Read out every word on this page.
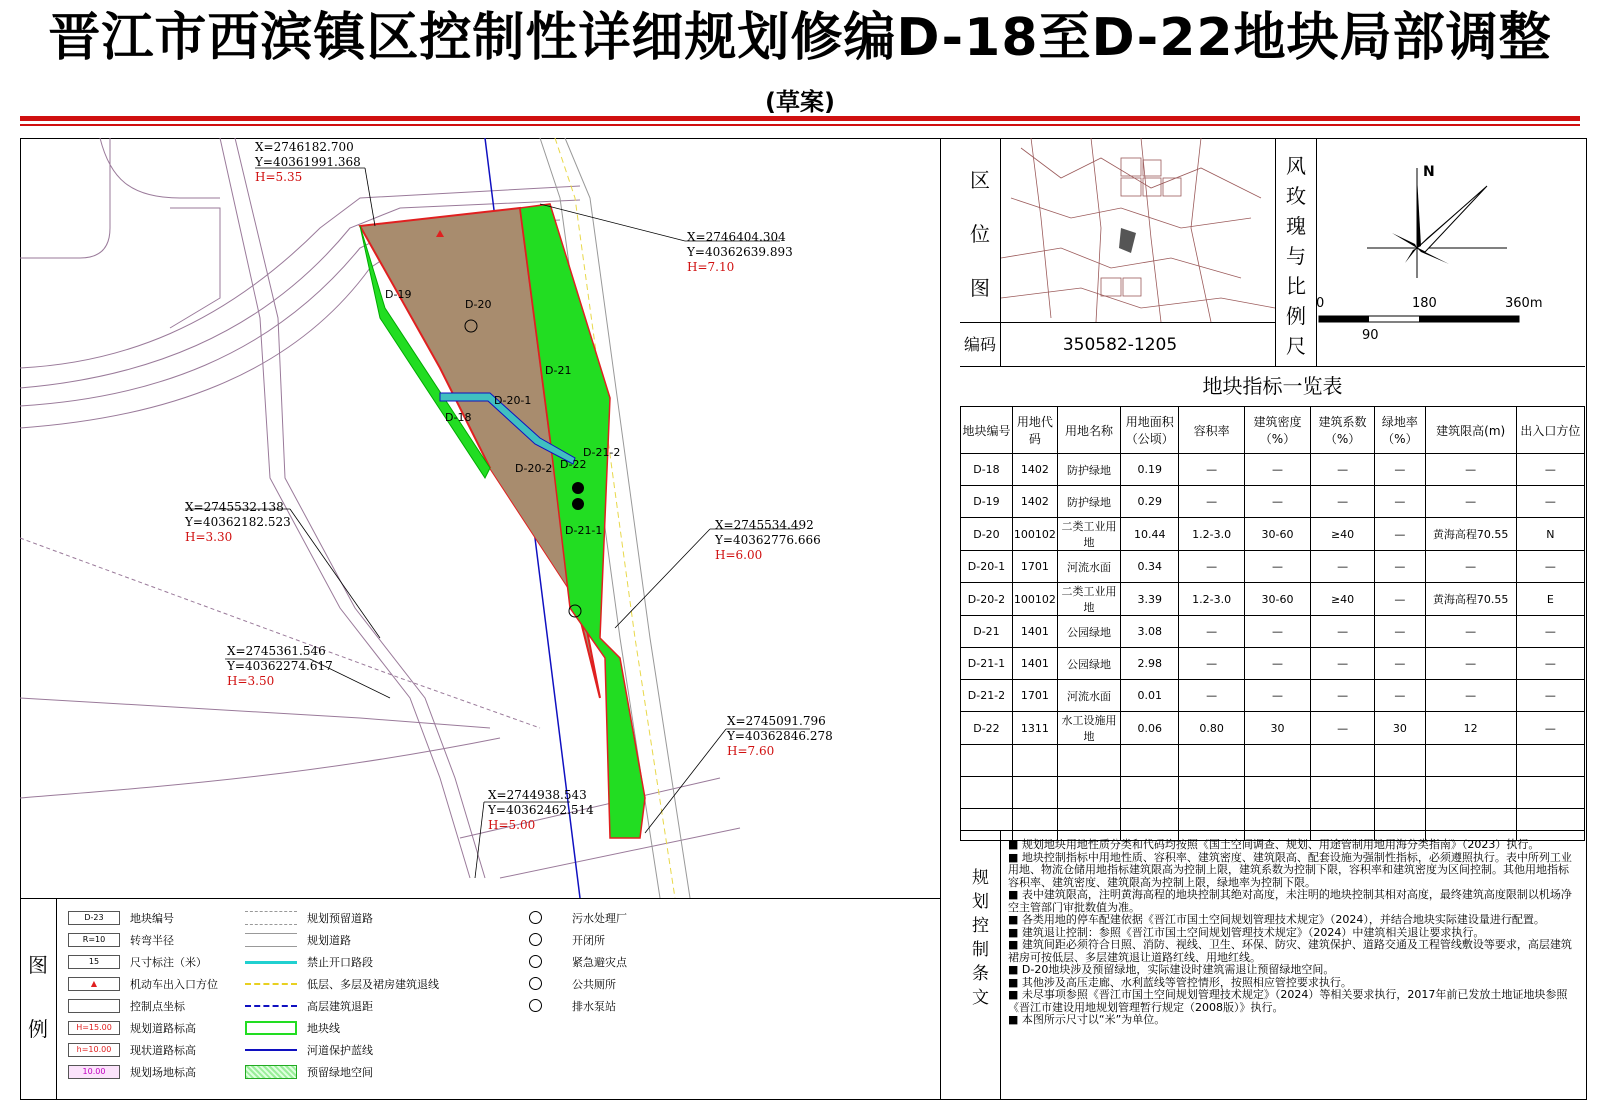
晋江市西滨镇区控制性详细规划修编D-18至D-22地块局部调整
(草案)
D-20
D-19
D-20-1
D-18
D-20-2 D-22
D-21
D-21-1
D-21-2
X=2746182.700
Y=40361991.368
H=5.35
X=2746404.304
Y=40362639.893
H=7.10
X=2745532.138
Y=40362182.523
H=3.30
X=2745534.492
Y=40362776.666
H=6.00
X=2745361.546
Y=40362274.617
H=3.50
X=2745091.796
Y=40362846.278
H=7.60
X=2744938.543
Y=40362462.514
H=5.00
图
例
D-23	地块编号
R=10	转弯半径
15	尺寸标注（米）
▲	机动车出入口方位
控制点坐标
H=15.00	规划道路标高
h=10.00	现状道路标高
10.00	规划场地标高
规划预留道路
规划道路
禁止开口路段
低层、多层及裙房建筑退线
高层建筑退距
地块线
河道保护蓝线
预留绿地空间
污水处理厂
开闭所
紧急避灾点
公共厕所
排水泵站
区
位
图
编码	350582-1205
风
玫
瑰
与
比
例
尺
N
0	180	360m
90
地块指标一览表
地块编号	用地代码	用地名称	用地面积（公顷）	容积率	建筑密度（%）	建筑系数（%）	绿地率（%）	建筑限高(m)	出入口方位
D-18	1402	防护绿地	0.19	—	—	—	—	—	—
D-19	1402	防护绿地	0.29	—	—	—	—	—	—
D-20	100102	二类工业用地	10.44	1.2-3.0	30-60	≥40	—	黄海高程70.55	N
D-20-1	1701	河流水面	0.34	—	—	—	—	—	—
D-20-2	100102	二类工业用地	3.39	1.2-3.0	30-60	≥40	—	黄海高程70.55	E
D-21	1401	公园绿地	3.08	—	—	—	—	—	—
D-21-1	1401	公园绿地	2.98	—	—	—	—	—	—
D-21-2	1701	河流水面	0.01	—	—	—	—	—	—
D-22	1311	水工设施用地	0.06	0.80	30	—	30	12	—

规
划
控
制
条
文

■ 规划地块用地性质分类和代码均按照《国土空间调查、规划、用途管制用地用海分类指南》（2023）执行。

■ 地块控制指标中用地性质、容积率、建筑密度、建筑限高、配套设施为强制性指标，必须遵照执行。表中所列工业用地、物流仓储用地指标建筑限高为控制上限，建筑系数为控制下限，容积率和建筑密度为区间控制。其他用地指标容积率、建筑密度、建筑限高为控制上限，绿地率为控制下限。

■ 表中建筑限高，注明黄海高程的地块控制其绝对高度，未注明的地块控制其相对高度，最终建筑高度限制以机场净空主管部门审批数值为准。

■ 各类用地的停车配建依据《晋江市国土空间规划管理技术规定》（2024），并结合地块实际建设量进行配置。

■ 建筑退让控制：参照《晋江市国土空间规划管理技术规定》（2024）中建筑相关退让要求执行。

■ 建筑间距必须符合日照、消防、视线、卫生、环保、防灾、建筑保护、道路交通及工程管线敷设等要求，高层建筑裙房可按低层、多层建筑退让道路红线、用地红线。

■ D-20地块涉及预留绿地，实际建设时建筑需退让预留绿地空间。

■ 其他涉及高压走廊、水利蓝线等管控情形，按照相应管控要求执行。

■ 未尽事项参照《晋江市国土空间规划管理技术规定》（2024）等相关要求执行，2017年前已发放土地证地块参照《晋江市建设用地规划管理暂行规定（2008版）》执行。

■ 本图所示尺寸以“米”为单位。
